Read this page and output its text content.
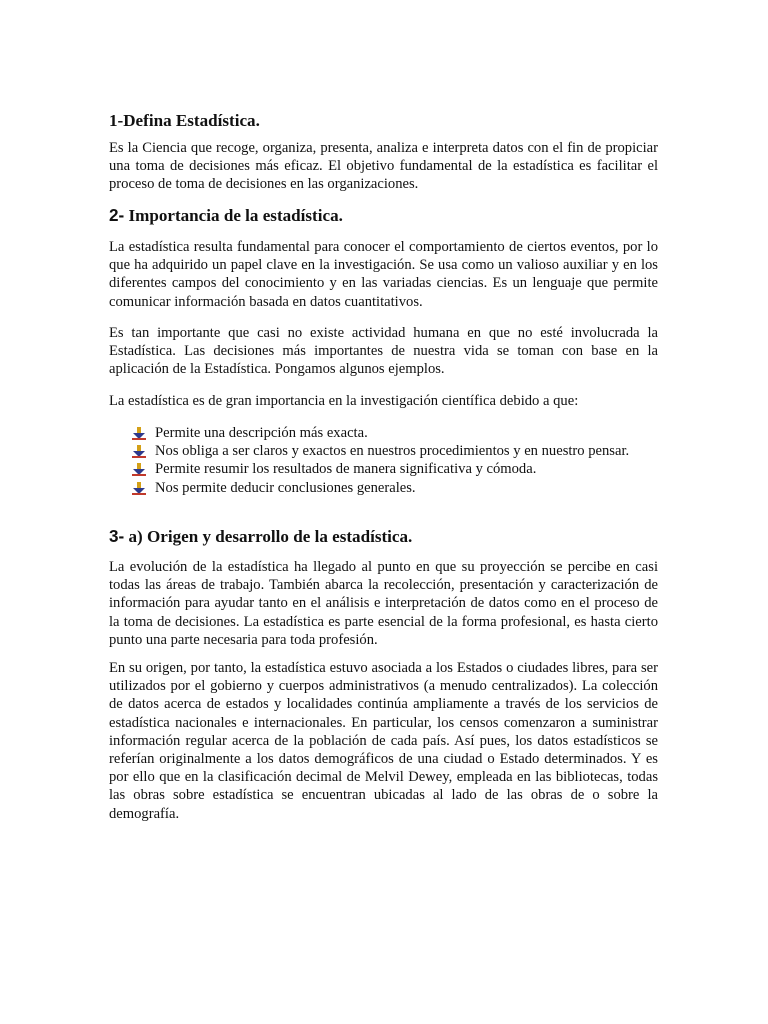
1-Defina Estadística.

Es la Ciencia que recoge, organiza, presenta, analiza e interpreta datos con el fin de propiciar una toma de decisiones más eficaz. El objetivo fundamental de la estadística es facilitar el proceso de toma de decisiones en las organizaciones.

2- Importancia de la estadística.

La estadística resulta fundamental para conocer el comportamiento de ciertos eventos, por lo que ha adquirido un papel clave en la investigación. Se usa como un valioso auxiliar y en los diferentes campos del conocimiento y en las variadas ciencias. Es un lenguaje que permite comunicar información basada en datos cuantitativos.

Es tan importante que casi no existe actividad humana en que no esté involucrada la Estadística. Las decisiones más importantes de nuestra vida se toman con base en la aplicación de la Estadística. Pongamos algunos ejemplos.

La estadística es de gran importancia en la investigación científica debido a que:

Permite una descripción más exacta.
Nos obliga a ser claros y exactos en nuestros procedimientos y en nuestro pensar.
Permite resumir los resultados de manera significativa y cómoda.
Nos permite deducir conclusiones generales.
3- a) Origen y desarrollo de la estadística.

La evolución de la estadística ha llegado al punto en que su proyección se percibe en casi todas las áreas de trabajo. También abarca la recolección, presentación y caracterización de información para ayudar tanto en el análisis e interpretación de datos como en el proceso de la toma de decisiones. La estadística es parte esencial de la forma profesional, es hasta cierto punto una parte necesaria para toda profesión.

En su origen, por tanto, la estadística estuvo asociada a los Estados o ciudades libres, para ser utilizados por el gobierno y cuerpos administrativos (a menudo centralizados). La colección de datos acerca de estados y localidades continúa ampliamente a través de los servicios de estadística nacionales e internacionales. En particular, los censos comenzaron a suministrar información regular acerca de la población de cada país. Así pues, los datos estadísticos se referían originalmente a los datos demográficos de una ciudad o Estado determinados. Y es por ello que en la clasificación decimal de Melvil Dewey, empleada en las bibliotecas, todas las obras sobre estadística se encuentran ubicadas al lado de las obras de o sobre la demografía.
